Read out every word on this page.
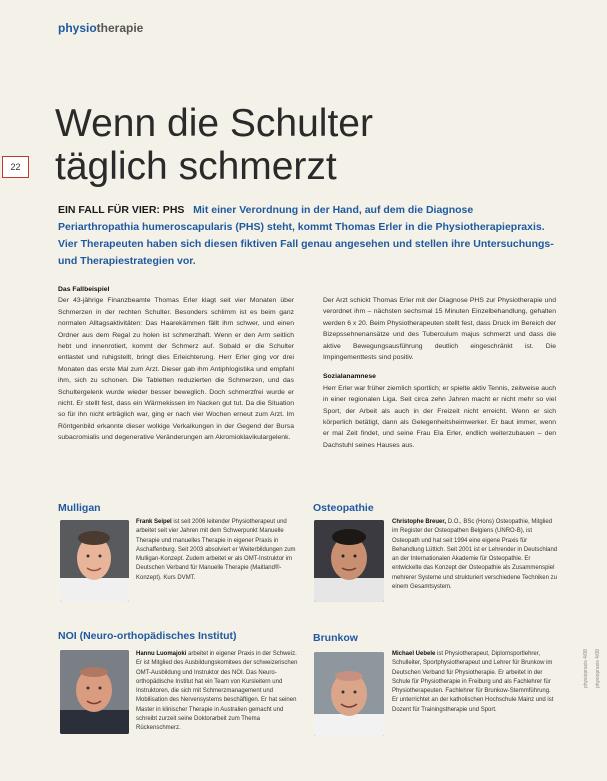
physiotherapie
22
Wenn die Schulter
täglich schmerzt
EIN FALL FÜR VIER: PHS Mit einer Verordnung in der Hand, auf dem die Diagnose Periarthropathia humeroscapularis (PHS) steht, kommt Thomas Erler in die Physiotherapiepraxis. Vier Therapeuten haben sich diesen fiktiven Fall genau angesehen und stellen ihre Untersuchungs- und Therapiestrategien vor.
Das Fallbeispiel
Der 43-jährige Finanzbeamte Thomas Erler klagt seit vier Monaten über Schmerzen in der rechten Schulter. Besonders schlimm ist es beim ganz normalen Alltagsaktivitäten: Das Haarekämmen fällt ihm schwer, und einen Ordner aus dem Regal zu holen ist schmerzhaft. Wenn er den Arm seitlich hebt und innenrotiert, kommt der Schmerz auf. Sobald er die Schulter entlastet und ruhigstellt, bringt dies Erleichterung. Herr Erler ging vor drei Monaten das erste Mal zum Arzt. Dieser gab ihm Antiphlogistika und empfahl ihm, sich zu schonen. Die Tabletten reduzierten die Schmerzen, und das Schultergelenk wurde wieder besser beweglich. Doch schmerzfrei wurde er nicht. Er stellt fest, dass ein Wärmekissen im Nacken gut tut. Da die Situation so für ihn nicht erträglich war, ging er nach vier Wochen erneut zum Arzt. Im Röntgenbild erkannte dieser wolkige Verkalkungen in der Gegend der Bursa subacromialis und degenerative Veränderungen am Akromioklavikulargelenk.
Der Arzt schickt Thomas Erler mit der Diagnose PHS zur Physiotherapie und verordnet ihm – nächsten sechsmal 15 Minuten Einzelbehandlung, gehalten werden 6 x 20. Beim Physiotherapeuten stellt fest, dass Druck im Bereich der Bizepssehnenansätze und des Tuberculum majus schmerzt und dass die aktive Bewegungsausführung deutlich eingeschränkt ist. Die Impingementtests sind positiv.
Sozialanamnese
Herr Erler war früher ziemlich sportlich; er spielte aktiv Tennis, zeitweise auch in einer regionalen Liga. Seit circa zehn Jahren macht er nicht mehr so viel Sport, der Arbeit als auch in der Freizeit nicht erreicht. Wenn er sich körperlich betätigt, dann als Gelegenheitsheimwerker. Er baut immer, wenn er mal Zeit findet, und seine Frau Ela Erler, endlich weiterzubauen – den Dachstuhl seines Hauses aus.
Mulligan
Frank Seipel ist seit 2006 leitender Physiotherapeut und arbeitet seit vier Jahren mit dem Schwerpunkt Manuelle Therapie und manuelles Therapie in eigener Praxis in Aschaffenburg. Seit 2003 absolviert er Weiterbildungen zum Mulligan-Konzept. Zudem arbeitet er als OMT-Instruktor im Deutschen Verband für Manuelle Therapie (Maitland®-Konzept). Kurs DVMT.
Osteopathie
Christophe Breuer, D.O., BSc (Hons) Osteopathie, Mitglied im Register der Osteopathen Belgiens (UNRO-B), ist Osteopath und hat seit 1994 eine eigene Praxis für Behandlung Lüttich. Seit 2001 ist er Lehrender in Deutschland an der Internationalen Akademie für Osteopathie. Er entwickelte das Konzept der Osteopathie als Zusammenspiel mehrerer Systeme und strukturiert verschiedene Techniken zu einem Gesamtsystem.
NOI (Neuro-orthopädisches Institut)
Hannu Luomajoki arbeitet in eigener Praxis in der Schweiz. Er ist Mitglied des Ausbildungskomitees der schweizerischen OMT-Ausbildung und Instruktor des NOI. Das Neuro-orthopädische Institut hat ein Team von Kursleitern und Instruktoren, die sich mit Schmerzmanagement und Mobilisation des Nervensystems beschäftigen. Er hat seinen Master in klinischer Therapie in Australien gemacht und schreibt zurzeit seine Doktorarbeit zum Thema Rückenschmerz.
Brunkow
Michael Uebele ist Physiotherapeut, Diplomsportlehrer, Schulleiter, Sportphysiotherapeut und Lehrer für Brunkow im Deutschen Verband für Physiotherapie. Er arbeitet in der Schule für Physiotherapie in Freiburg und als Fachlehrer für Physiotherapeuten. Fachlehrer für Brunkow-Stemmführung. Er unterrichtet an der katholischen Hochschule Mainz und ist Dozent für Trainingstherapie und Sport.
physiopraxis 4/08 physiopraxis 4/08
